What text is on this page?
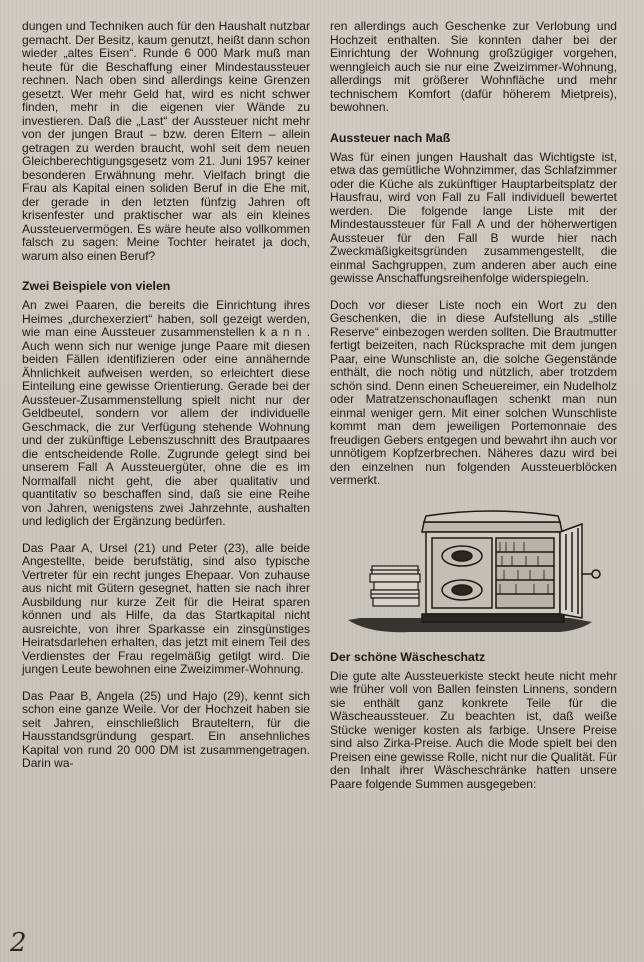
dungen und Techniken auch für den Haushalt nutzbar gemacht. Der Besitz, kaum genutzt, heißt dann schon wieder „altes Eisen“. Runde 6 000 Mark muß man heute für die Beschaffung einer Mindestaussteuer rechnen. Nach oben sind allerdings keine Grenzen gesetzt. Wer mehr Geld hat, wird es nicht schwer finden, mehr in die eigenen vier Wände zu investieren. Daß die „Last“ der Aussteuer nicht mehr von der jungen Braut – bzw. deren Eltern – allein getragen zu werden braucht, wohl seit dem neuen Gleichberechtigungsgesetz vom 21. Juni 1957 keiner besonderen Erwähnung mehr. Vielfach bringt die Frau als Kapital einen soliden Beruf in die Ehe mit, der gerade in den letzten fünfzig Jahren oft krisenfester und praktischer war als ein kleines Aussteuervermögen. Es wäre heute also vollkommen falsch zu sagen: Meine Tochter heiratet ja doch, warum also einen Beruf?

Zwei Beispiele von vielen

An zwei Paaren, die bereits die Einrichtung ihres Heimes „durchexerziert“ haben, soll gezeigt werden, wie man eine Aussteuer zusammenstellen k a n n . Auch wenn sich nur wenige junge Paare mit diesen beiden Fällen identifizieren oder eine annähernde Ähnlichkeit aufweisen werden, so erleichtert diese Einteilung eine gewisse Orientierung. Gerade bei der Aussteuer-Zusammenstellung spielt nicht nur der Geldbeutel, sondern vor allem der individuelle Geschmack, die zur Verfügung stehende Wohnung und der zukünftige Lebenszuschnitt des Brautpaares die entscheidende Rolle. Zugrunde gelegt sind bei unserem Fall A Aussteuergüter, ohne die es im Normalfall nicht geht, die aber qualitativ und quantitativ so beschaffen sind, daß sie eine Reihe von Jahren, wenigstens zwei Jahrzehnte, aushalten und lediglich der Ergänzung bedürfen.

Das Paar A, Ursel (21) und Peter (23), alle beide Angestellte, beide berufstätig, sind also typische Vertreter für ein recht junges Ehepaar. Von zuhause aus nicht mit Gütern gesegnet, hatten sie nach ihrer Ausbildung nur kurze Zeit für die Heirat sparen können und als Hilfe, da das Startkapital nicht ausreichte, von ihrer Sparkasse ein zinsgünstiges Heiratsdarlehen erhalten, das jetzt mit einem Teil des Verdienstes der Frau regelmäßig getilgt wird. Die jungen Leute bewohnen eine Zweizimmer-Wohnung.

Das Paar B, Angela (25) und Hajo (29), kennt sich schon eine ganze Weile. Vor der Hochzeit haben sie seit Jahren, einschließlich Brauteltern, für die Hausstandsgründung gespart. Ein ansehnliches Kapital von rund 20 000 DM ist zusammengetragen. Darin wa-

ren allerdings auch Geschenke zur Verlobung und Hochzeit enthalten. Sie konnten daher bei der Einrichtung der Wohnung großzügiger vorgehen, wenngleich auch sie nur eine Zweizimmer-Wohnung, allerdings mit größerer Wohnfläche und mehr technischem Komfort (dafür höherem Mietpreis), bewohnen.

Aussteuer nach Maß

Was für einen jungen Haushalt das Wichtigste ist, etwa das gemütliche Wohnzimmer, das Schlafzimmer oder die Küche als zukünftiger Hauptarbeitsplatz der Hausfrau, wird von Fall zu Fall individuell bewertet werden. Die folgende lange Liste mit der Mindestaussteuer für Fall A und der höherwertigen Aussteuer für den Fall B wurde hier nach Zweckmäßigkeitsgründen zusammengestellt, die einmal Sachgruppen, zum anderen aber auch eine gewisse Anschaffungsreihenfolge widerspiegeln.

Doch vor dieser Liste noch ein Wort zu den Geschenken, die in diese Aufstellung als „stille Reserve“ einbezogen werden sollten. Die Brautmutter fertigt beizeiten, nach Rücksprache mit dem jungen Paar, eine Wunschliste an, die solche Gegenstände enthält, die noch nötig und nützlich, aber trotzdem schön sind. Denn einen Scheuereimer, ein Nudelholz oder Matratzenschonauflagen schenkt man nun einmal weniger gern. Mit einer solchen Wunschliste kommt man dem jeweiligen Portemonnaie des freudigen Gebers entgegen und bewahrt ihn auch vor unnötigem Kopfzerbrechen. Näheres dazu wird bei den einzelnen nun folgenden Aussteuerblöcken vermerkt.

Der schöne Wäscheschatz

Die gute alte Aussteuerkiste steckt heute nicht mehr wie früher voll von Ballen feinsten Linnens, sondern sie enthält ganz konkrete Teile für die Wäscheaussteuer. Zu beachten ist, daß weiße Stücke weniger kosten als farbige. Unsere Preise sind also Zirka-Preise. Auch die Mode spielt bei den Preisen eine gewisse Rolle, nicht nur die Qualität. Für den Inhalt ihrer Wäscheschränke hatten unsere Paare folgende Summen ausgegeben:

2
